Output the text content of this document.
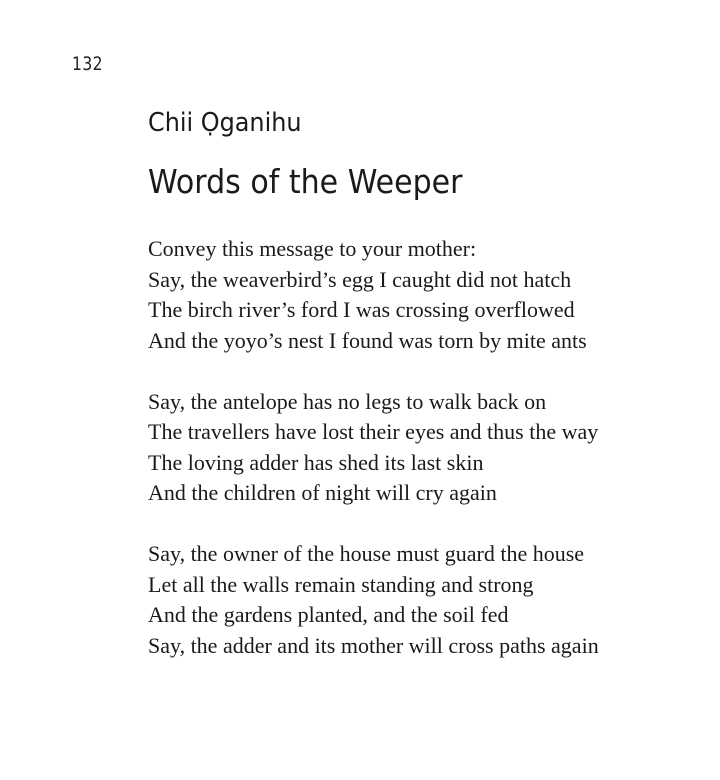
132
Chii Ọganihu
Words of the Weeper
Convey this message to your mother:
Say, the weaverbird’s egg I caught did not hatch
The birch river’s ford I was crossing overflowed
And the yoyo’s nest I found was torn by mite ants
Say, the antelope has no legs to walk back on
The travellers have lost their eyes and thus the way
The loving adder has shed its last skin
And the children of night will cry again
Say, the owner of the house must guard the house
Let all the walls remain standing and strong
And the gardens planted, and the soil fed
Say, the adder and its mother will cross paths again
